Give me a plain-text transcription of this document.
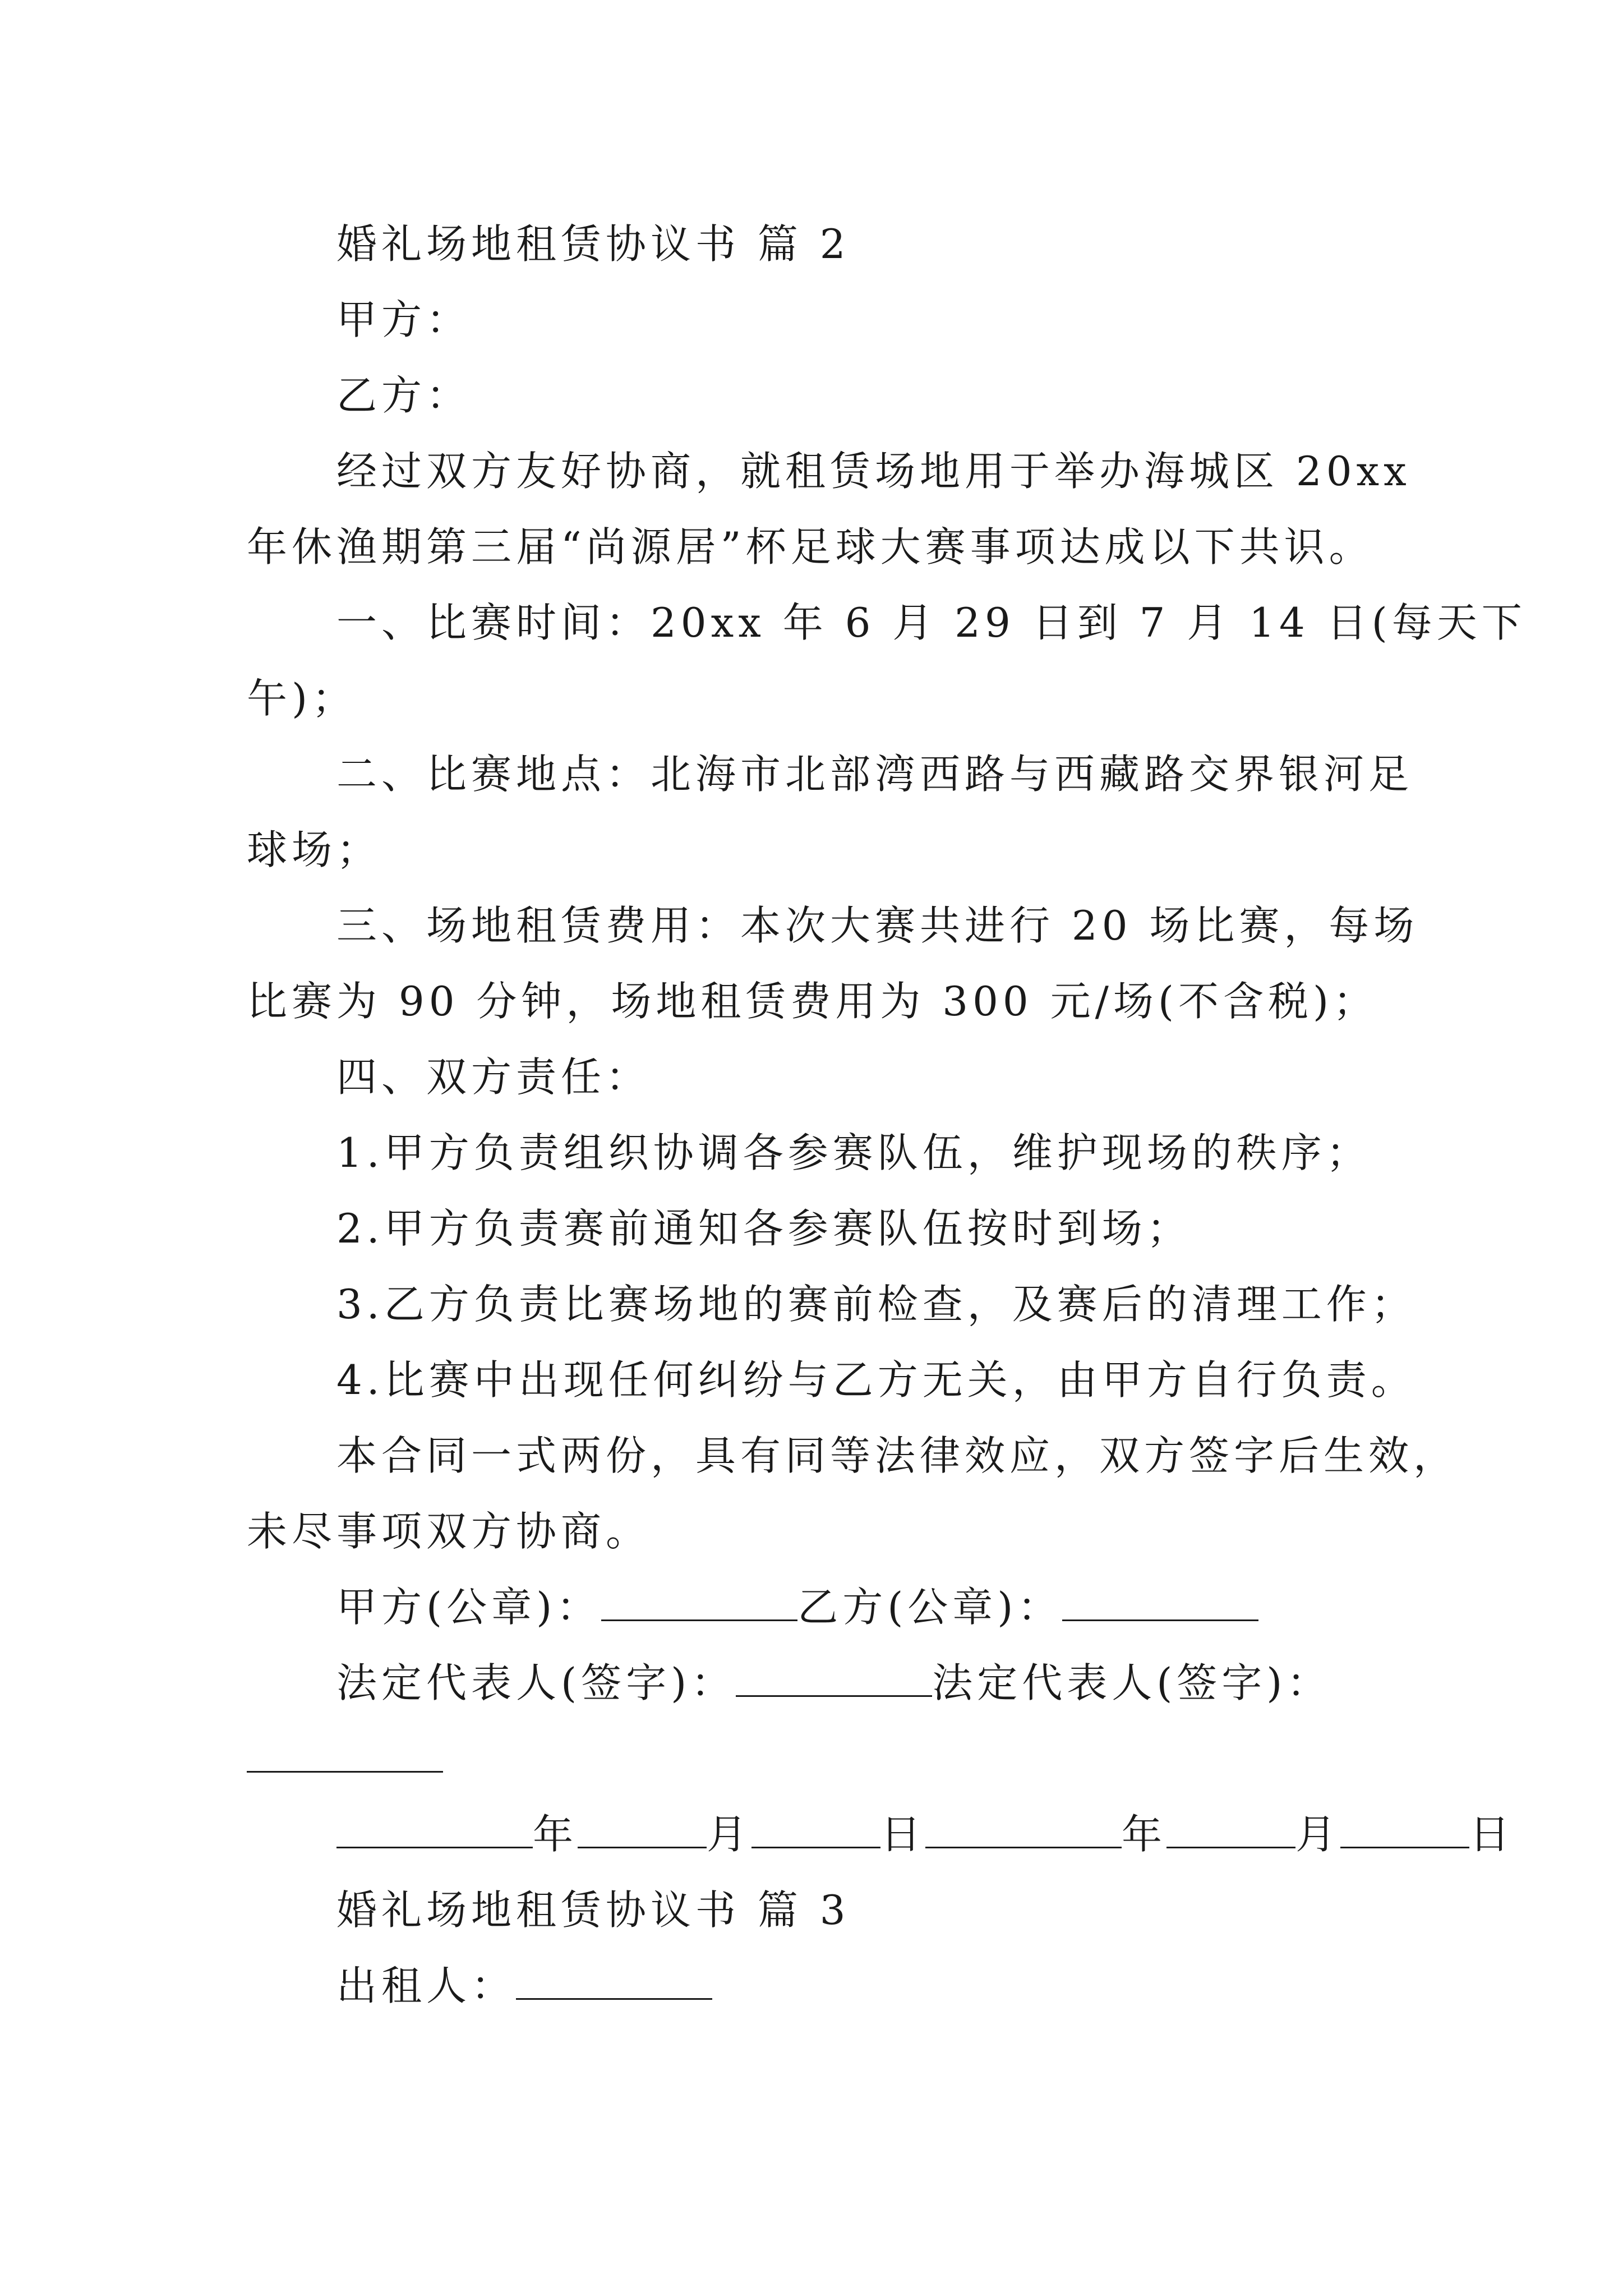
婚礼场地租赁协议书 篇 2
甲方：
乙方：
经过双方友好协商，就租赁场地用于举办海城区 20xx
年休渔期第三届“尚源居”杯足球大赛事项达成以下共识。
一、比赛时间：20xx 年 6 月 29 日到 7 月 14 日(每天下
午)；
二、比赛地点：北海市北部湾西路与西藏路交界银河足
球场；
三、场地租赁费用：本次大赛共进行 20 场比赛，每场
比赛为 90 分钟，场地租赁费用为 300 元/场(不含税)；
四、双方责任：
1.甲方负责组织协调各参赛队伍，维护现场的秩序；
2.甲方负责赛前通知各参赛队伍按时到场；
3.乙方负责比赛场地的赛前检查，及赛后的清理工作；
4.比赛中出现任何纠纷与乙方无关，由甲方自行负责。
本合同一式两份，具有同等法律效应，双方签字后生效，
未尽事项双方协商。
甲方(公章)：	乙方(公章)：
法定代表人(签字)：	法定代表人(签字)：
年	月	日	年	月	日
婚礼场地租赁协议书 篇 3
出租人：
